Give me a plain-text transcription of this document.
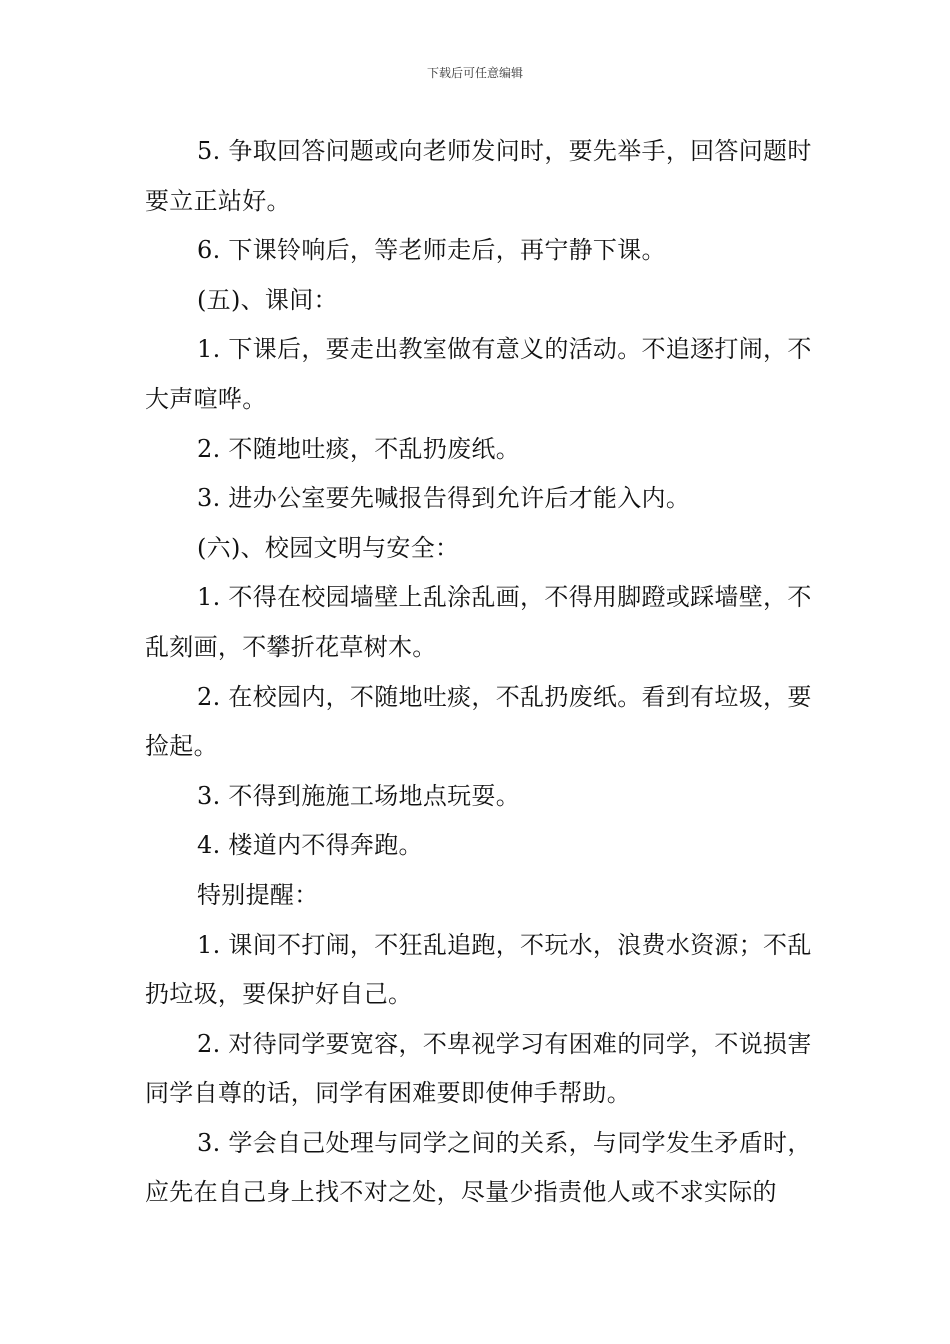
下载后可任意编辑

5. 争取回答问题或向老师发问时，要先举手，回答问题时要立正站好。

6. 下课铃响后，等老师走后，再宁静下课。

(五)、课间：

1. 下课后，要走出教室做有意义的活动。不追逐打闹，不大声喧哗。

2. 不随地吐痰，不乱扔废纸。

3. 进办公室要先喊报告得到允许后才能入内。

(六)、校园文明与安全：

1. 不得在校园墙壁上乱涂乱画，不得用脚蹬或踩墙壁，不乱刻画，不攀折花草树木。

2. 在校园内，不随地吐痰，不乱扔废纸。看到有垃圾，要捡起。

3. 不得到施施工场地点玩耍。

4. 楼道内不得奔跑。

特别提醒：

1. 课间不打闹，不狂乱追跑，不玩水，浪费水资源；不乱扔垃圾，要保护好自己。

2. 对待同学要宽容，不卑视学习有困难的同学，不说损害同学自尊的话，同学有困难要即使伸手帮助。

3. 学会自己处理与同学之间的关系，与同学发生矛盾时，应先在自己身上找不对之处，尽量少指责他人或不求实际的
